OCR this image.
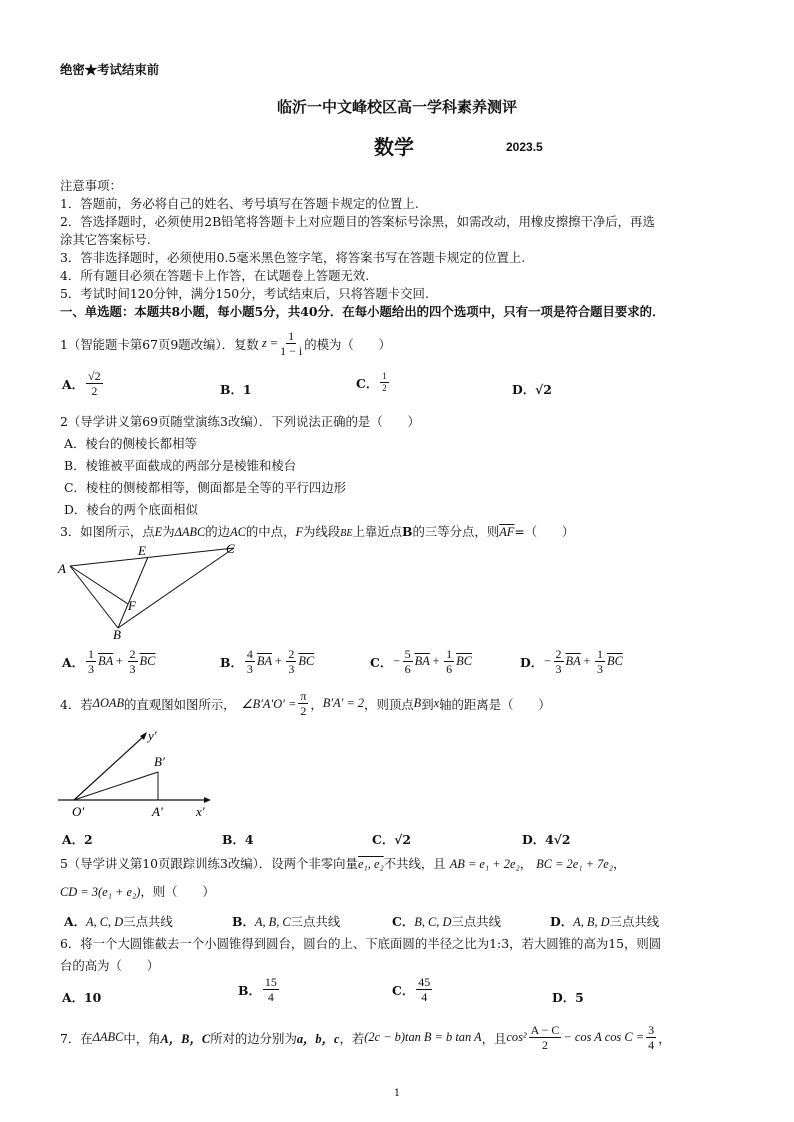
绝密★考试结束前
临沂一中文峰校区高一学科素养测评
数学	2023.5
注意事项：
1．答题前，务必将自己的姓名、考号填写在答题卡规定的位置上.
2．答选择题时，必须使用2B铅笔将答题卡上对应题目的答案标号涂黑，如需改动，用橡皮擦擦干净后，再选
涂其它答案标号.
3．答非选择题时，必须使用0.5毫米黑色签字笔，将答案书写在答题卡规定的位置上.
4．所有题目必须在答题卡上作答，在试题卷上答题无效.
5．考试时间120分钟，满分150分，考试结束后，只将答题卡交回.
一、单选题：本题共8小题，每小题5分，共40分．在每小题给出的四个选项中，只有一项是符合题目要求的．
1（智能题卡第67页9题改编）．复数 $z = \frac{1}{1 - i}$ 的模为（　　）
A． $\frac{√2}{2}$	B．1	C． $\frac{1}{2}$	D．√2
2（导学讲义第69页随堂演练3改编）．下列说法正确的是（　　）
A．棱台的侧棱长都相等
B．棱锥被平面截成的两部分是棱锥和棱台
C．棱柱的侧棱都相等，侧面都是全等的平行四边形
D．棱台的两个底面相似
3．如图所示，点E为ΔABC的边AC的中点，F为线段BE上靠近点B的三等分点，则$\overline{AF}=$（　　）
A
B
C
E
F
A． $\frac{1}{3} \overline{BA} + \frac{2}{3} \overline{BC}$	B． $\frac{4}{3} \overline{BA} + \frac{2}{3} \overline{BC}$	C． − $\frac{5}{6} \overline{BA} + \frac{1}{6} \overline{BC}$	D． − $\frac{2}{3} \overline{BA} + \frac{1}{3} \overline{BC}$
4．若 ΔOAB 的直观图如图所示， ∠B′A′O′ = $\frac{\pi}{2}$ ， B′A′ = 2 ，则顶点 B 到 x 轴的距离是（　　）
y′
B′
O′	A′	x′
A．2	B．4	C．√2	D．4√2
5（导学讲义第10页跟踪训练3改编）．设两个非零向量e₁, e₂不共线，且 AB = e₁ + 2e₂， BC = 2e₁ + 7e₂，
CD = 3(e₁ + e₂)，则（　　）
A．A, C, D三点共线	B．A, B, C三点共线	C．B, C, D三点共线	D．A, B, D三点共线
6．将一个大圆锥截去一个小圆锥得到圆台，圆台的上、下底面圆的半径之比为1:3，若大圆锥的高为15，则圆
台的高为（　　）
A．10	B． $\frac{15}{4}$	C． $\frac{45}{4}$	D．5
7．在 ΔABC 中，角 A，B，C 所对的边分别为 a，b，c ，若 (2c − b)tan B = b tan A ，且 $\cos^2 \frac{A - C}{2} - \cos A$ $\cos C = \frac{3}{4}$ ，
1
